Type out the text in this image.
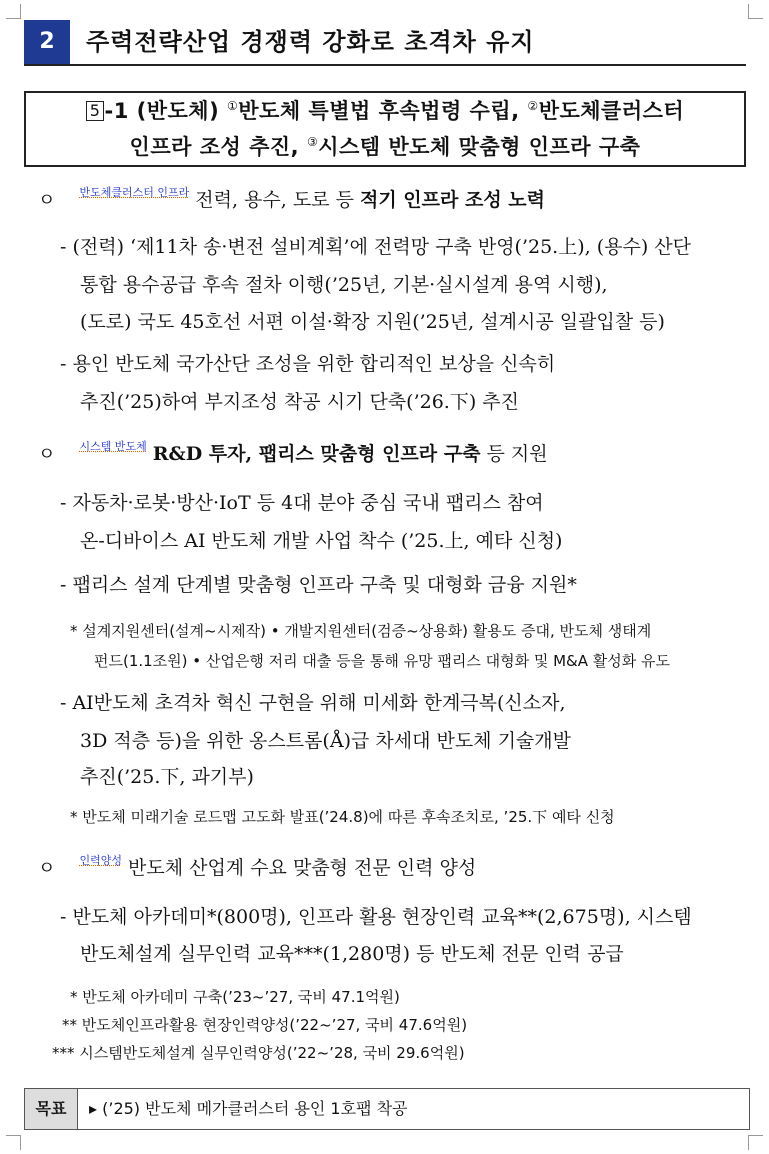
2	주력전략산업 경쟁력 강화로 초격차 유지
5 -1 (반도체) ①반도체 특별법 후속법령 수립, ②반도체클러스터
인프라 조성 추진, ③시스템 반도체 맞춤형 인프라 구축
ㅇ $^{반도체클러스터 인프라}$ 전력, 용수, 도로 등 적기 인프라 조성 노력
- (전력) ‘제11차 송·변전 설비계획’에 전력망 구축 반영(’25.上), (용수) 산단
통합 용수공급 후속 절차 이행(’25년, 기본·실시설계 용역 시행),
(도로) 국도 45호선 서편 이설·확장 지원(’25년, 설계시공 일괄입찰 등)
- 용인 반도체 국가산단 조성을 위한 합리적인 보상을 신속히
추진(’25)하여 부지조성 착공 시기 단축(’26.下) 추진
ㅇ $^{시스템 반도체}$ R&D 투자, 팹리스 맞춤형 인프라 구축 등 지원
- 자동차·로봇·방산·IoT 등 4대 분야 중심 국내 팹리스 참여
온-디바이스 AI 반도체 개발 사업 착수 (’25.上, 예타 신청)
- 팹리스 설계 단계별 맞춤형 인프라 구축 및 대형화 금융 지원*
* 설계지원센터(설계~시제작) • 개발지원센터(검증~상용화) 활용도 증대, 반도체 생태계
펀드(1.1조원) • 산업은행 저리 대출 등을 통해 유망 팹리스 대형화 및 M&A 활성화 유도
- AI반도체 초격차 혁신 구현을 위해 미세화 한계극복(신소자,
3D 적층 등)을 위한 옹스트롬(Å)급 차세대 반도체 기술개발
추진(’25.下, 과기부)
* 반도체 미래기술 로드맵 고도화 발표(’24.8)에 따른 후속조치로, ’25.下 예타 신청
ㅇ $^{인력양성}$ 반도체 산업계 수요 맞춤형 전문 인력 양성
- 반도체 아카데미*(800명), 인프라 활용 현장인력 교육**(2,675명), 시스템
반도체설계 실무인력 교육***(1,280명) 등 반도체 전문 인력 공급
* 반도체 아카데미 구축(’23~’27, 국비 47.1억원)
** 반도체인프라활용 현장인력양성(’22~’27, 국비 47.6억원)
*** 시스템반도체설계 실무인력양성(’22~’28, 국비 29.6억원)
목표	▸ (’25) 반도체 메가클러스터 용인 1호팹 착공
